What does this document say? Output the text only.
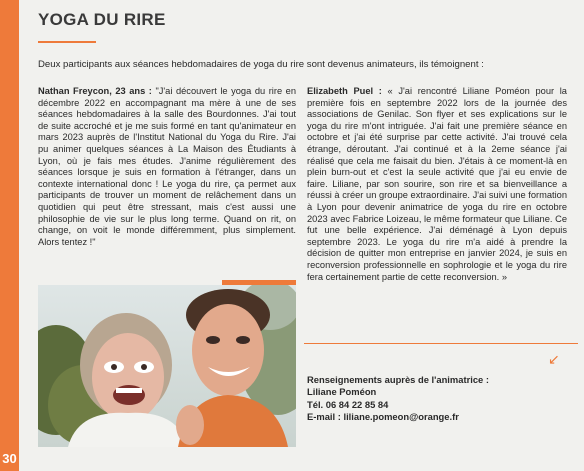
30
YOGA DU RIRE
Deux participants aux séances hebdomadaires de yoga du rire sont devenus animateurs, ils témoignent :
Nathan Freycon, 23 ans : "J'ai découvert le yoga du rire en décembre 2022 en accompagnant ma mère à une de ses séances hebdomadaires à la salle des Bourdonnes. J'ai tout de suite accroché et je me suis formé en tant qu'animateur en mars 2023 auprès de l'Institut National du Yoga du Rire. J'ai pu animer quelques séances à La Maison des Étudiants à Lyon, où je fais mes études. J'anime régulièrement des séances lorsque je suis en formation à l'étranger, dans un contexte international donc ! Le yoga du rire, ça permet aux participants de trouver un moment de relâchement dans un quotidien qui peut être stressant, mais c'est aussi une philosophie de vie sur le plus long terme. Quand on rit, on change, on voit le monde différemment, plus simplement. Alors tentez !"
Elizabeth Puel : « J'ai rencontré Liliane Poméon pour la première fois en septembre 2022 lors de la journée des associations de Genilac. Son flyer et ses explications sur le yoga du rire m'ont intriguée. J'ai fait une première séance en octobre et j'ai été surprise par cette activité. J'ai trouvé cela étrange, déroutant. J'ai continué et à la 2eme séance j'ai réalisé que cela me faisait du bien. J'étais à ce moment-là en plein burn-out et c'est la seule activité que j'ai eu envie de faire. Liliane, par son sourire, son rire et sa bienveillance a réussi à créer un groupe extraordinaire. J'ai suivi une formation à Lyon pour devenir animatrice de yoga du rire en octobre 2023 avec Fabrice Loizeau, le même formateur que Liliane. Ce fut une belle expérience. J'ai déménagé à Lyon depuis septembre 2023. Le yoga du rire m'a aidé à prendre la décision de quitter mon entreprise en janvier 2024, je suis en reconversion professionnelle en sophrologie et le yoga du rire fera certainement partie de cette reconversion. »
↙
Renseignements auprès de l'animatrice :
Liliane Poméon
Tél. 06 84 22 85 84
E-mail : liliane.pomeon@orange.fr
